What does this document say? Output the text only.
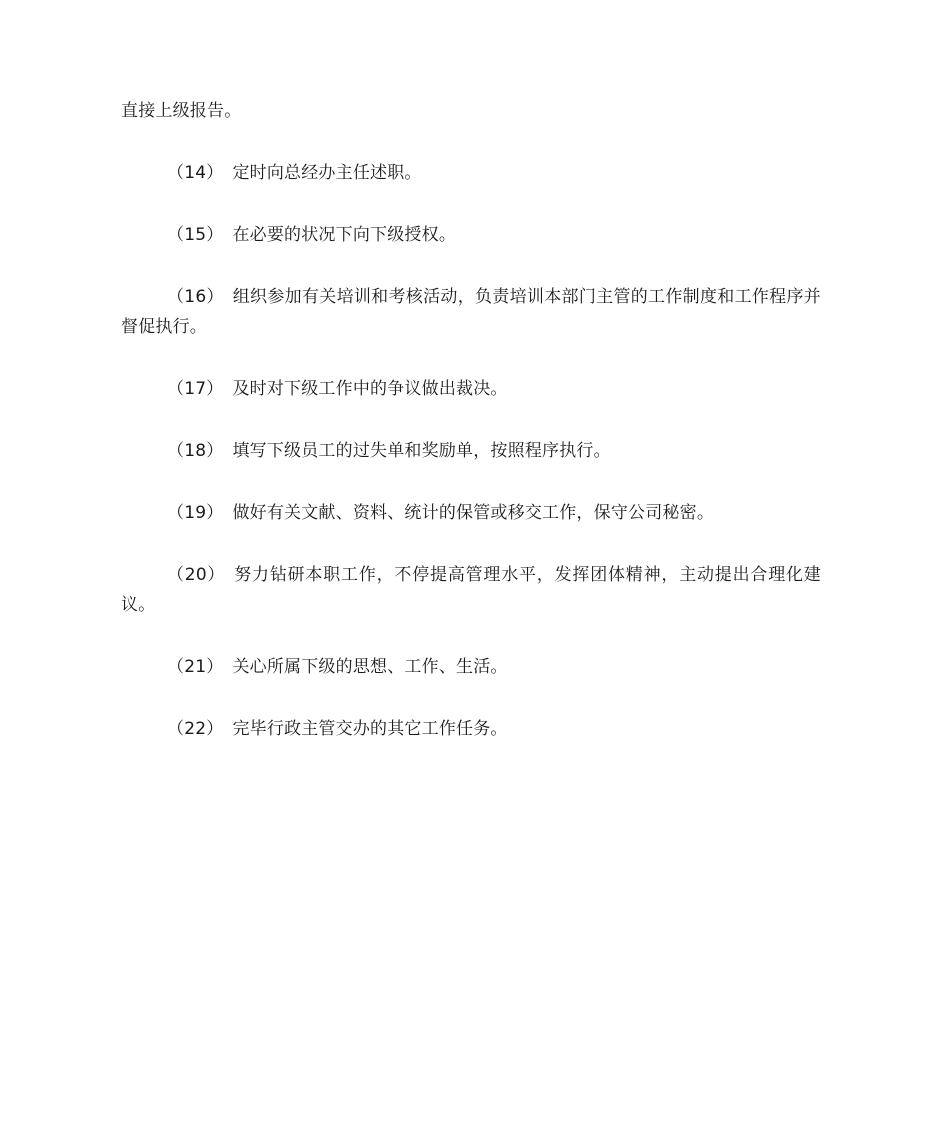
直接上级报告。

（14） 定时向总经办主任述职。

（15） 在必要的状况下向下级授权。

（16） 组织参加有关培训和考核活动，负责培训本部门主管的工作制度和工作程序并督促执行。

（17） 及时对下级工作中的争议做出裁决。

（18） 填写下级员工的过失单和奖励单，按照程序执行。

（19） 做好有关文献、资料、统计的保管或移交工作，保守公司秘密。

（20） 努力钻研本职工作，不停提高管理水平，发挥团体精神，主动提出合理化建议。

（21） 关心所属下级的思想、工作、生活。

（22） 完毕行政主管交办的其它工作任务。
